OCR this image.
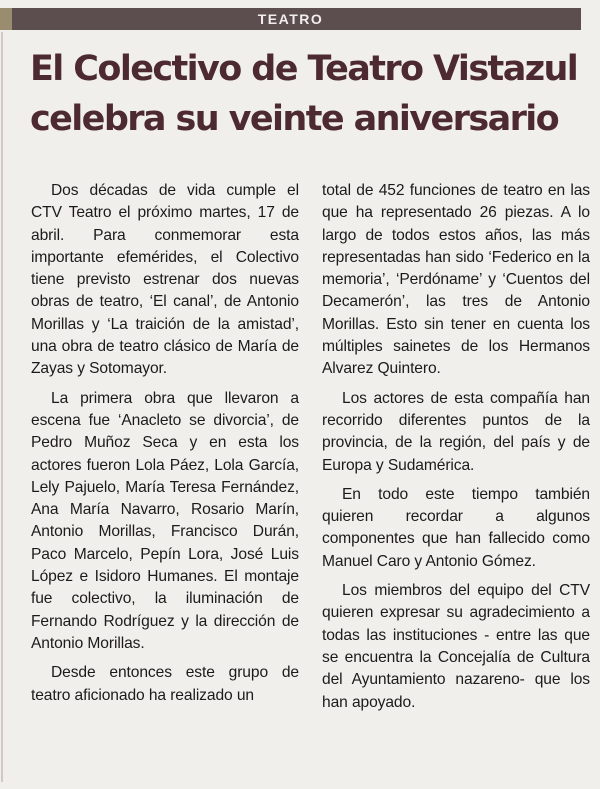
TEATRO
El Colectivo de Teatro Vistazul
celebra su veinte aniversario

Dos décadas de vida cumple el CTV Teatro el próximo martes, 17 de abril. Para conmemorar esta importante efemérides, el Colectivo tiene previsto estrenar dos nuevas obras de teatro, ‘El canal’, de Antonio Morillas y ‘La traición de la amistad’, una obra de teatro clásico de María de Zayas y Sotomayor.

La primera obra que llevaron a escena fue ‘Anacleto se divorcia’, de Pedro Muñoz Seca y en esta los actores fueron Lola Páez, Lola García, Lely Pajuelo, María Teresa Fernández, Ana María Navarro, Rosario Marín, Antonio Morillas, Francisco Durán, Paco Marcelo, Pepín Lora, José Luis López e Isidoro Humanes. El montaje fue colectivo, la iluminación de Fernando Rodríguez y la dirección de Antonio Morillas.

Desde entonces este grupo de teatro aficionado ha realizado un

total de 452 funciones de teatro en las que ha representado 26 piezas. A lo largo de todos estos años, las más representadas han sido ‘Federico en la memoria’, ‘Perdóname’ y ‘Cuentos del Decamerón’, las tres de Antonio Morillas. Esto sin tener en cuenta los múltiples sainetes de los Hermanos Alvarez Quintero.

Los actores de esta compañía han recorrido diferentes puntos de la provincia, de la región, del país y de Europa y Sudamérica.

En todo este tiempo también quieren recordar a algunos componentes que han fallecido como Manuel Caro y Antonio Gómez.

Los miembros del equipo del CTV quieren expresar su agradecimiento a todas las instituciones - entre las que se encuentra la Concejalía de Cultura del Ayuntamiento nazareno- que los han apoyado.
